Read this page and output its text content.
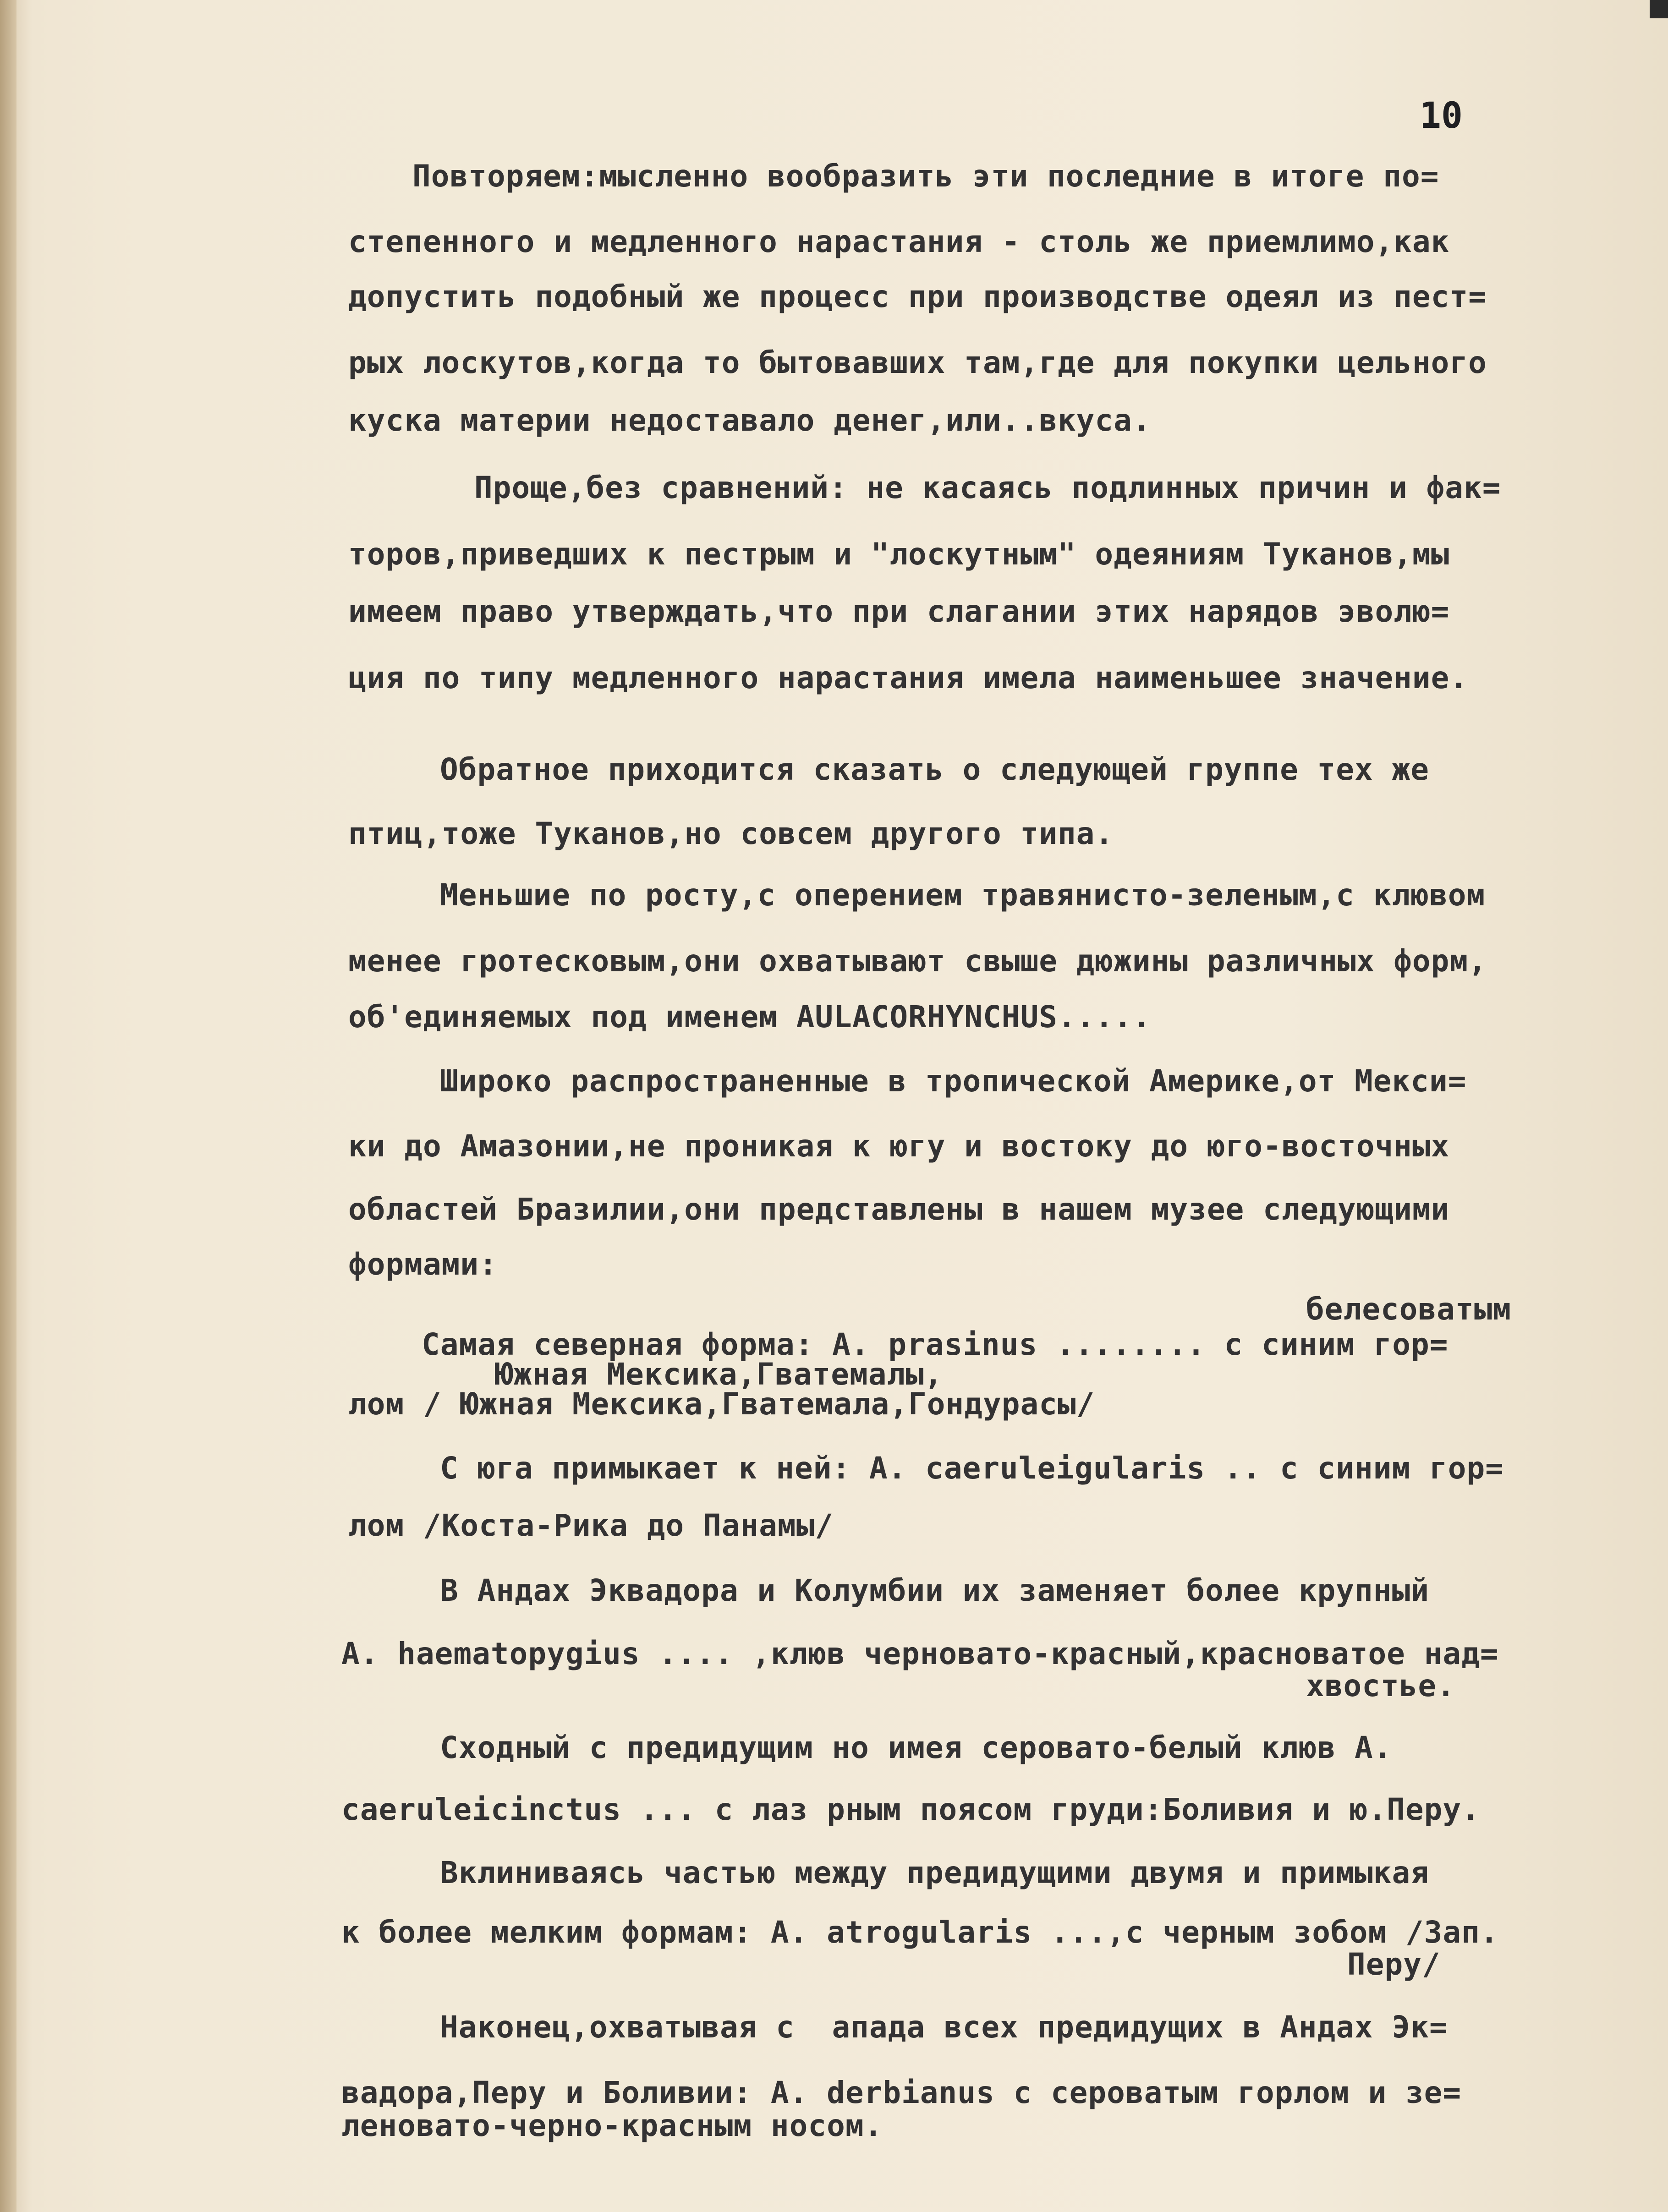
10
Повторяем:мысленно вообразить эти последние в итоге по=
степенного и медленного нарастания - столь же приемлимо,как
допустить подобный же процесс при производстве одеял из пест=
рых лоскутов,когда то бытовавших там,где для покупки цельного
куска материи недоставало денег,или..вкуса.
Проще,без сравнений: не касаясь подлинных причин и фак=
торов,приведших к пестрым и "лоскутным" одеяниям Туканов,мы
имеем право утверждать,что при слагании этих нарядов эволю=
ция по типу медленного нарастания имела наименьшее значение.
Обратное приходится сказать о следующей группе тех же
птиц,тоже Туканов,но совсем другого типа.
Меньшие по росту,с оперением травянисто-зеленым,с клювом
менее гротесковым,они охватывают свыше дюжины различных форм,
об'единяемых под именем AULACORHYNCHUS.....
Широко распространенные в тропической Америке,от Мекси=
ки до Амазонии,не проникая к югу и востоку до юго-восточных
областей Бразилии,они представлены в нашем музее следующими
формами:
белесоватым
Самая северная форма: A. prasinus ........ с синим гор=
Южная Мексика,Гватемалы,
лом / Южная Мексика,Гватемала,Гондурасы/
С юга примыкает к ней: A. caeruleigularis .. с синим гор=
лом /Коста-Рика до Панамы/
В Андах Эквадора и Колумбии их заменяет более крупный
A. haematopygius .... ,клюв черновато-красный,красноватое над=
хвостье.
Сходный с предидущим но имея серовато-белый клюв A.
caeruleicinctus ... с лаз рным поясом груди:Боливия и ю.Перу.
Вклиниваясь частью между предидущими двумя и примыкая
к более мелким формам: A. atrogularis ...,с черным зобом /Зап.
Перу/
Наконец,охватывая с  апада всех предидущих в Андах Эк=
вадора,Перу и Боливии: A. derbianus с сероватым горлом и зе=
леновато-черно-красным носом.
